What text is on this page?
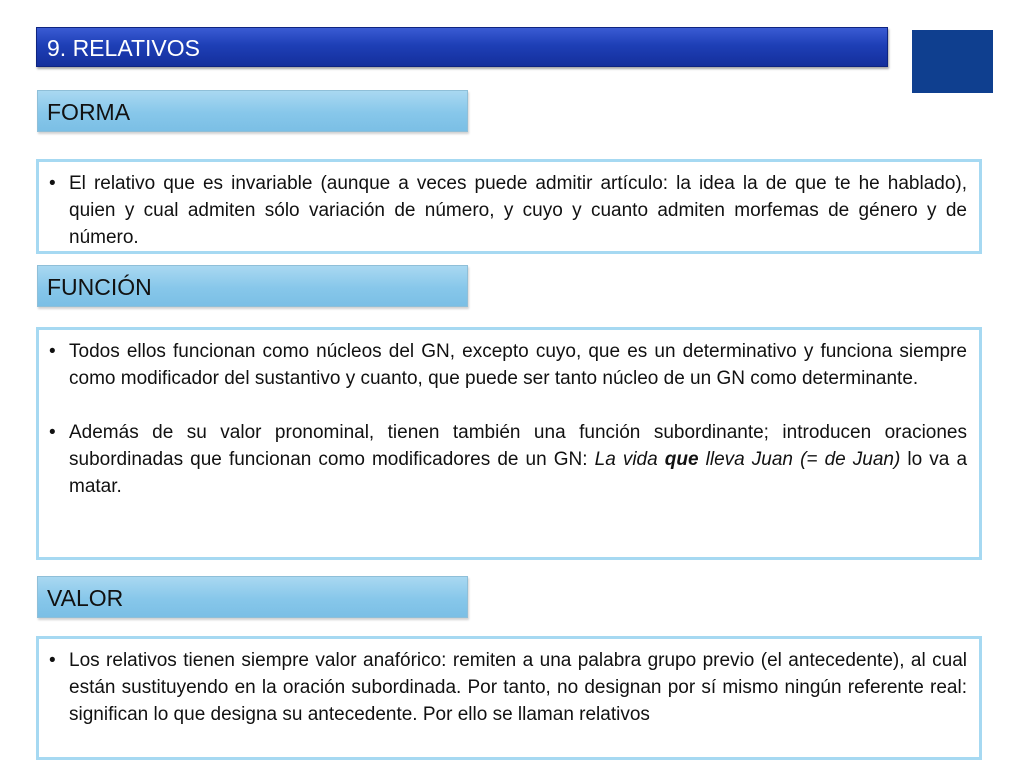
9. RELATIVOS
FORMA
• El relativo que es invariable (aunque a veces puede admitir artículo: la idea la de que te he hablado), quien y cual admiten sólo variación de número, y cuyo y cuanto admiten morfemas de género y de número.
FUNCIÓN
• Todos ellos funcionan como núcleos del GN, excepto cuyo, que es un determinativo y funciona siempre como modificador del sustantivo y cuanto, que puede ser tanto núcleo de un GN como determinante.
• Además de su valor pronominal, tienen también una función subordinante; introducen oraciones subordinadas que funcionan como modificadores de un GN: La vida que lleva Juan (= de Juan) lo va a matar.
VALOR
• Los relativos tienen siempre valor anafórico: remiten a una palabra grupo previo (el antecedente), al cual están sustituyendo en la oración subordinada. Por tanto, no designan por sí mismo ningún referente real: significan lo que designa su antecedente. Por ello se llaman relativos
